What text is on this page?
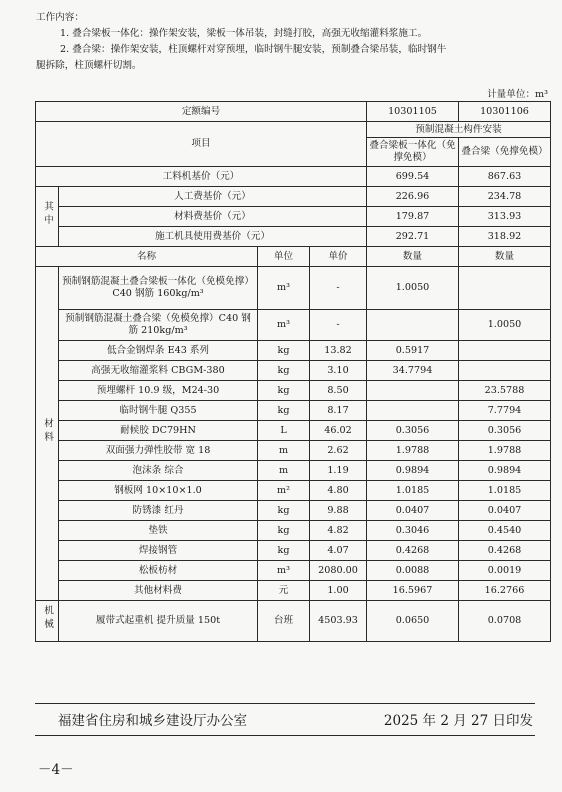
工作内容：
1. 叠合梁板一体化：操作架安装，梁板一体吊装，封缝打胶，高强无收缩灌料浆施工。
2. 叠合梁：操作架安装，柱顶螺杆对穿预埋，临时钢牛腿安装，预制叠合梁吊装，临时钢牛
腿拆除，柱顶螺杆切割。
计量单位：m³
定额编号				10301105	10301106
项目				预制混凝土构件安装	
				叠合梁板一体化（免撑免模）	叠合梁（免撑免模）
工料机基价（元）				699.54	867.63
其中	人工费基价（元）			226.96	234.78
	材料费基价（元）			179.87	313.93
	施工机具使用费基价（元）			292.71	318.92
名称		单位	单价	数量	数量
材料	预制钢筋混凝土叠合梁板一体化（免模免撑）C40 钢筋 160kg/m³	m³	-	1.0050	
	预制钢筋混凝土叠合梁（免模免撑）C40 钢筋 210kg/m³	m³	-		1.0050
	低合金钢焊条 E43 系列	kg	13.82	0.5917	
	高强无收缩灌浆料 CBGM-380	kg	3.10	34.7794	
	预埋螺杆 10.9 级，M24-30	kg	8.50		23.5788
	临时钢牛腿 Q355	kg	8.17		7.7794
	耐候胶 DC79HN	L	46.02	0.3056	0.3056
	双面强力弹性胶带 宽 18	m	2.62	1.9788	1.9788
	泡沫条 综合	m	1.19	0.9894	0.9894
	钢板网 10×10×1.0	m²	4.80	1.0185	1.0185
	防锈漆 红丹	kg	9.88	0.0407	0.0407
	垫铁	kg	4.82	0.3046	0.4540
	焊接钢管	kg	4.07	0.4268	0.4268
	松板枋材	m³	2080.00	0.0088	0.0019
	其他材料费	元	1.00	16.5967	16.2766
机械	履带式起重机 提升质量 150t	台班	4503.93	0.0650	0.0708
福建省住房和城乡建设厅办公室	2025 年 2 月 27 日印发
－4－
